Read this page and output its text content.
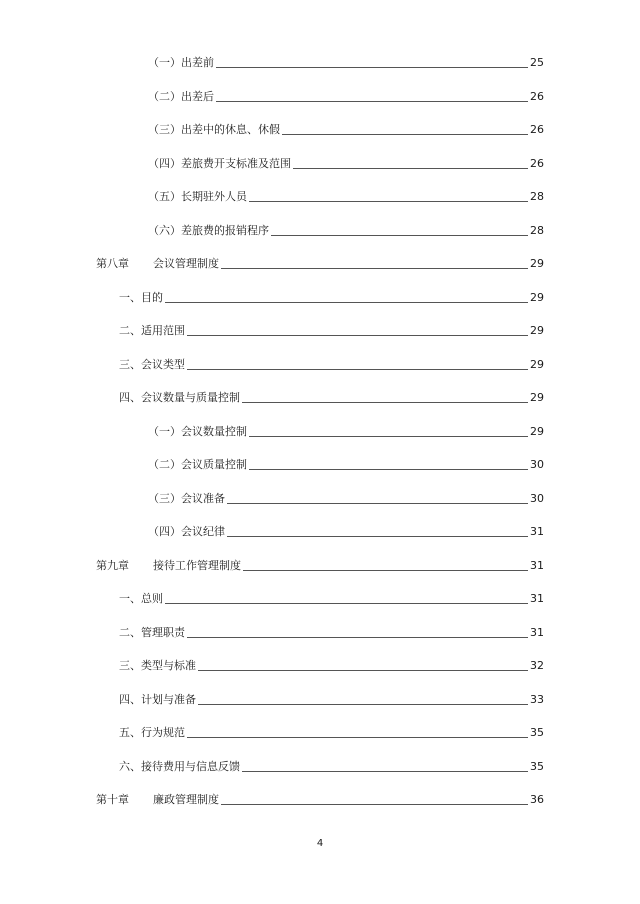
（一）出差前	25
（二）出差后	26
（三）出差中的休息、休假	26
（四）差旅费开支标准及范围	26
（五）长期驻外人员	28
（六）差旅费的报销程序	28
第八章 会议管理制度	29
一、目的	29
二、适用范围	29
三、会议类型	29
四、会议数量与质量控制	29
（一）会议数量控制	29
（二）会议质量控制	30
（三）会议准备	30
（四）会议纪律	31
第九章 接待工作管理制度	31
一、总则	31
二、管理职责	31
三、类型与标准	32
四、计划与准备	33
五、行为规范	35
六、接待费用与信息反馈	35
第十章 廉政管理制度	36
4
